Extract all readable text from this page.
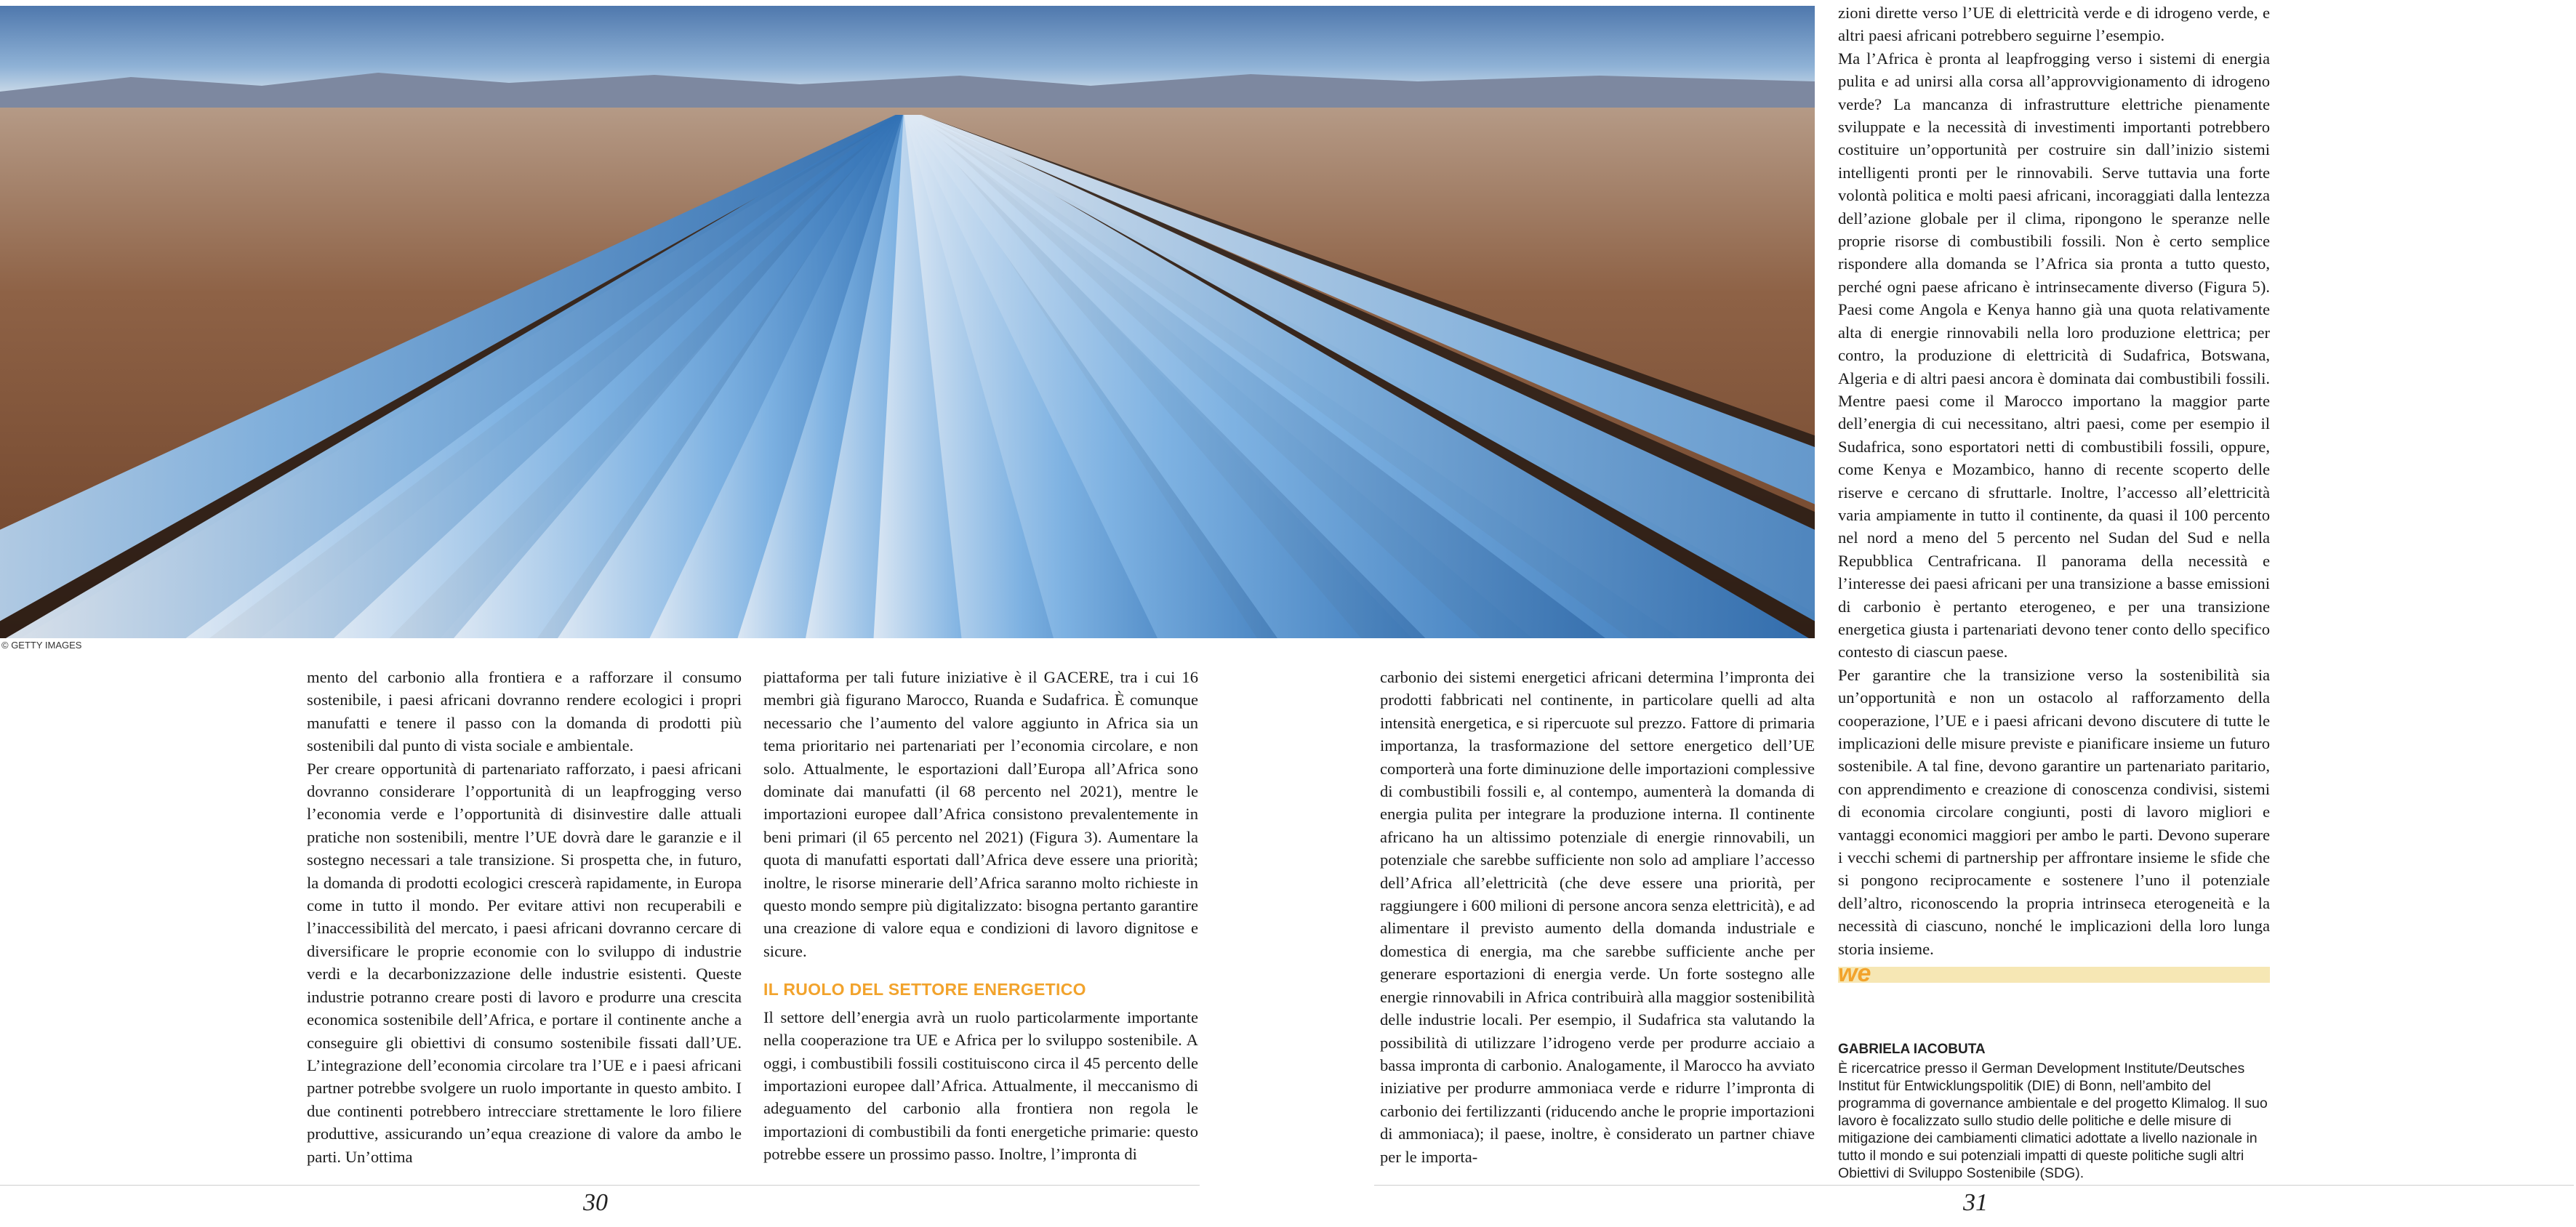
© GETTY IMAGES

mento del carbonio alla frontiera e a rafforzare il consumo sostenibile, i paesi africani dovranno rendere ecologici i propri manufatti e tenere il passo con la domanda di prodotti più sostenibili dal punto di vista sociale e ambientale.

Per creare opportunità di partenariato rafforzato, i paesi africani dovranno considerare l’opportunità di un leapfrogging verso l’economia verde e l’opportunità di disinvestire dalle attuali pratiche non sostenibili, mentre l’UE dovrà dare le garanzie e il sostegno necessari a tale transizione. Si prospetta che, in futuro, la domanda di prodotti ecologici crescerà rapidamente, in Europa come in tutto il mondo. Per evitare attivi non recuperabili e l’inaccessibilità del mercato, i paesi africani dovranno cercare di diversificare le proprie economie con lo sviluppo di industrie verdi e la decarbonizzazione delle industrie esistenti. Queste industrie potranno creare posti di lavoro e produrre una crescita economica sostenibile dell’Africa, e portare il continente anche a conseguire gli obiettivi di consumo sostenibile fissati dall’UE. L’integrazione dell’economia circolare tra l’UE e i paesi africani partner potrebbe svolgere un ruolo importante in questo ambito. I due continenti potrebbero intrecciare strettamente le loro filiere produttive, assicurando un’equa creazione di valore da ambo le parti. Un’ottima

piattaforma per tali future iniziative è il GACERE, tra i cui 16 membri già figurano Marocco, Ruanda e Sudafrica. È comunque necessario che l’aumento del valore aggiunto in Africa sia un tema prioritario nei partenariati per l’economia circolare, e non solo. Attualmente, le esportazioni dall’Europa all’Africa sono dominate dai manufatti (il 68 percento nel 2021), mentre le importazioni europee dall’Africa consistono prevalentemente in beni primari (il 65 percento nel 2021) (Figura 3). Aumentare la quota di manufatti esportati dall’Africa deve essere una priorità; inoltre, le risorse minerarie dell’Africa saranno molto richieste in questo mondo sempre più digitalizzato: bisogna pertanto garantire una creazione di valore equa e condizioni di lavoro dignitose e sicure.

IL RUOLO DEL SETTORE ENERGETICO

Il settore dell’energia avrà un ruolo particolarmente importante nella cooperazione tra UE e Africa per lo sviluppo sostenibile. A oggi, i combustibili fossili costituiscono circa il 45 percento delle importazioni europee dall’Africa. Attualmente, il meccanismo di adeguamento del carbonio alla frontiera non regola le importazioni di combustibili da fonti energetiche primarie: questo potrebbe essere un prossimo passo. Inoltre, l’impronta di

carbonio dei sistemi energetici africani determina l’impronta dei prodotti fabbricati nel continente, in particolare quelli ad alta intensità energetica, e si ripercuote sul prezzo. Fattore di primaria importanza, la trasformazione del settore energetico dell’UE comporterà una forte diminuzione delle importazioni complessive di combustibili fossili e, al contempo, aumenterà la domanda di energia pulita per integrare la produzione interna. Il continente africano ha un altissimo potenziale di energie rinnovabili, un potenziale che sarebbe sufficiente non solo ad ampliare l’accesso dell’Africa all’elettricità (che deve essere una priorità, per raggiungere i 600 milioni di persone ancora senza elettricità), e ad alimentare il previsto aumento della domanda industriale e domestica di energia, ma che sarebbe sufficiente anche per generare esportazioni di energia verde. Un forte sostegno alle energie rinnovabili in Africa contribuirà alla maggior sostenibilità delle industrie locali. Per esempio, il Sudafrica sta valutando la possibilità di utilizzare l’idrogeno verde per produrre acciaio a bassa impronta di carbonio. Analogamente, il Marocco ha avviato iniziative per produrre ammoniaca verde e ridurre l’impronta di carbonio dei fertilizzanti (riducendo anche le proprie importazioni di ammoniaca); il paese, inoltre, è considerato un partner chiave per le importa-

zioni dirette verso l’UE di elettricità verde e di idrogeno verde, e altri paesi africani potrebbero seguirne l’esempio.

Ma l’Africa è pronta al leapfrogging verso i sistemi di energia pulita e ad unirsi alla corsa all’approvvigionamento di idrogeno verde? La mancanza di infrastrutture elettriche pienamente sviluppate e la necessità di investimenti importanti potrebbero costituire un’opportunità per costruire sin dall’inizio sistemi intelligenti pronti per le rinnovabili. Serve tuttavia una forte volontà politica e molti paesi africani, incoraggiati dalla lentezza dell’azione globale per il clima, ripongono le speranze nelle proprie risorse di combustibili fossili. Non è certo semplice rispondere alla domanda se l’Africa sia pronta a tutto questo, perché ogni paese africano è intrinsecamente diverso (Figura 5). Paesi come Angola e Kenya hanno già una quota relativamente alta di energie rinnovabili nella loro produzione elettrica; per contro, la produzione di elettricità di Sudafrica, Botswana, Algeria e di altri paesi ancora è dominata dai combustibili fossili. Mentre paesi come il Marocco importano la maggior parte dell’energia di cui necessitano, altri paesi, come per esempio il Sudafrica, sono esportatori netti di combustibili fossili, oppure, come Kenya e Mozambico, hanno di recente scoperto delle riserve e cercano di sfruttarle. Inoltre, l’accesso all’elettricità varia ampiamente in tutto il continente, da quasi il 100 percento nel nord a meno del 5 percento nel Sudan del Sud e nella Repubblica Centrafricana. Il panorama della necessità e l’interesse dei paesi africani per una transizione a basse emissioni di carbonio è pertanto eterogeneo, e per una transizione energetica giusta i partenariati devono tener conto dello specifico contesto di ciascun paese.

Per garantire che la transizione verso la sostenibilità sia un’opportunità e non un ostacolo al rafforzamento della cooperazione, l’UE e i paesi africani devono discutere di tutte le implicazioni delle misure previste e pianificare insieme un futuro sostenibile. A tal fine, devono garantire un partenariato paritario, con apprendimento e creazione di conoscenza condivisi, sistemi di economia circolare congiunti, posti di lavoro migliori e vantaggi economici maggiori per ambo le parti. Devono superare i vecchi schemi di partnership per affrontare insieme le sfide che si pongono reciprocamente e sostenere l’uno il potenziale dell’altro, riconoscendo la propria intrinseca eterogeneità e la necessità di ciascuno, nonché le implicazioni della loro lunga storia insieme.

we
GABRIELA IACOBUTA
È ricercatrice presso il German Development Institute/Deutsches Institut für Entwicklungspolitik (DIE) di Bonn, nell’ambito del programma di governance ambientale e del progetto Klimalog. Il suo lavoro è focalizzato sullo studio delle politiche e delle misure di mitigazione dei cambiamenti climatici adottate a livello nazionale in tutto il mondo e sui potenziali impatti di queste politiche sugli altri Obiettivi di Sviluppo Sostenibile (SDG).
30	31
